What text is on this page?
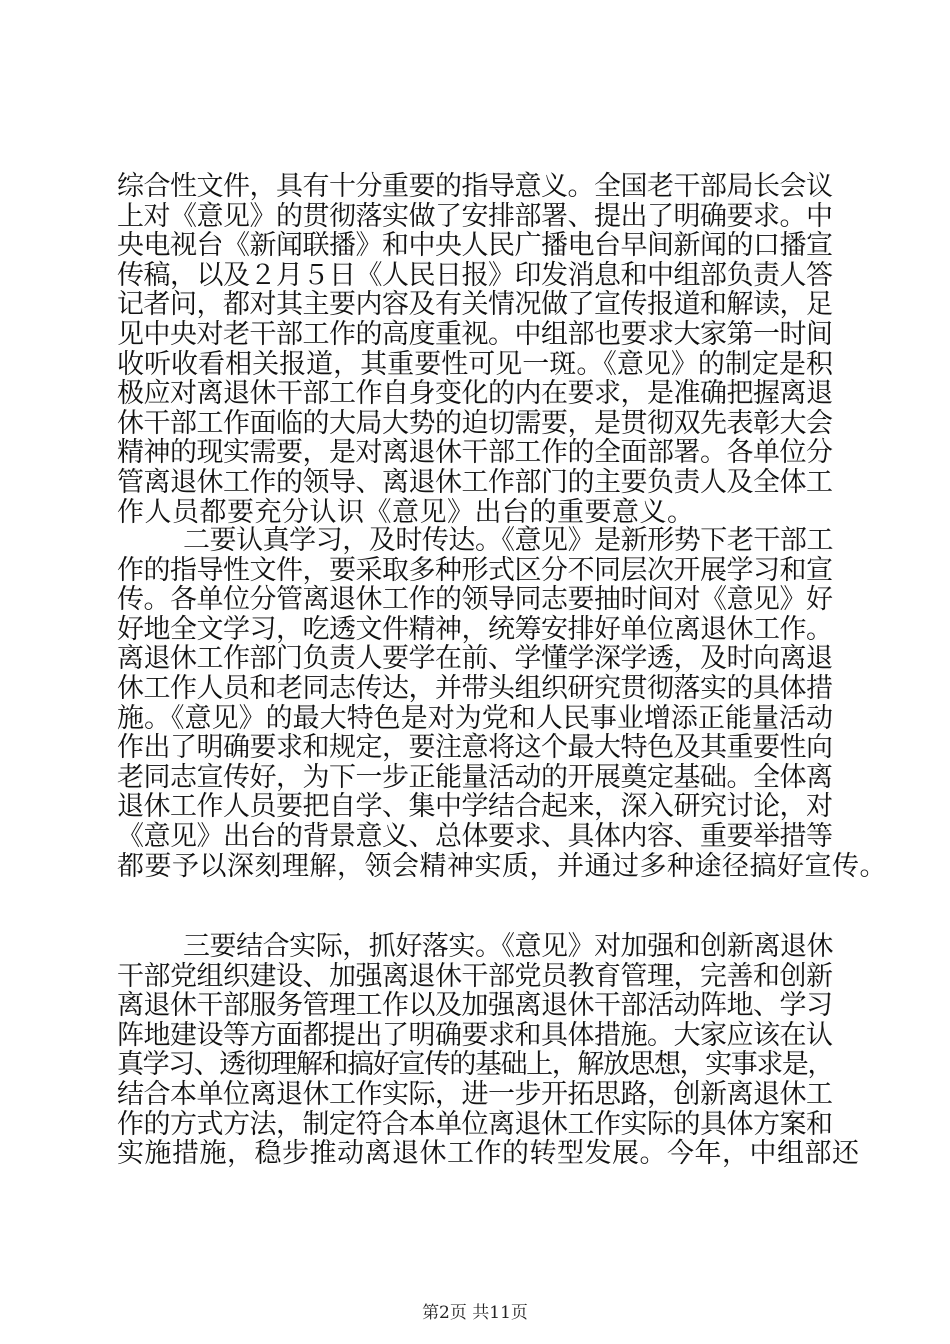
综合性文件，具有十分重要的指导意义。全国老干部局长会议
上对《意见》的贯彻落实做了安排部署、提出了明确要求。中
央电视台《新闻联播》和中央人民广播电台早间新闻的口播宣
传稿，以及２月５日《人民日报》印发消息和中组部负责人答
记者问，都对其主要内容及有关情况做了宣传报道和解读，足
见中央对老干部工作的高度重视。中组部也要求大家第一时间
收听收看相关报道，其重要性可见一斑。《意见》的制定是积
极应对离退休干部工作自身变化的内在要求，是准确把握离退
休干部工作面临的大局大势的迫切需要，是贯彻双先表彰大会
精神的现实需要，是对离退休干部工作的全面部署。各单位分
管离退休工作的领导、离退休工作部门的主要负责人及全体工
作人员都要充分认识《意见》出台的重要意义。
二要认真学习，及时传达。《意见》是新形势下老干部工
作的指导性文件，要采取多种形式区分不同层次开展学习和宣
传。各单位分管离退休工作的领导同志要抽时间对《意见》好
好地全文学习，吃透文件精神，统筹安排好单位离退休工作。
离退休工作部门负责人要学在前、学懂学深学透，及时向离退
休工作人员和老同志传达，并带头组织研究贯彻落实的具体措
施。《意见》的最大特色是对为党和人民事业增添正能量活动
作出了明确要求和规定，要注意将这个最大特色及其重要性向
老同志宣传好，为下一步正能量活动的开展奠定基础。全体离
退休工作人员要把自学、集中学结合起来，深入研究讨论，对
《意见》出台的背景意义、总体要求、具体内容、重要举措等
都要予以深刻理解，领会精神实质，并通过多种途径搞好宣传。
三要结合实际，抓好落实。《意见》对加强和创新离退休
干部党组织建设、加强离退休干部党员教育管理，完善和创新
离退休干部服务管理工作以及加强离退休干部活动阵地、学习
阵地建设等方面都提出了明确要求和具体措施。大家应该在认
真学习、透彻理解和搞好宣传的基础上，解放思想，实事求是，
结合本单位离退休工作实际，进一步开拓思路，创新离退休工
作的方式方法，制定符合本单位离退休工作实际的具体方案和
实施措施，稳步推动离退休工作的转型发展。今年，中组部还
第2页 共11页
